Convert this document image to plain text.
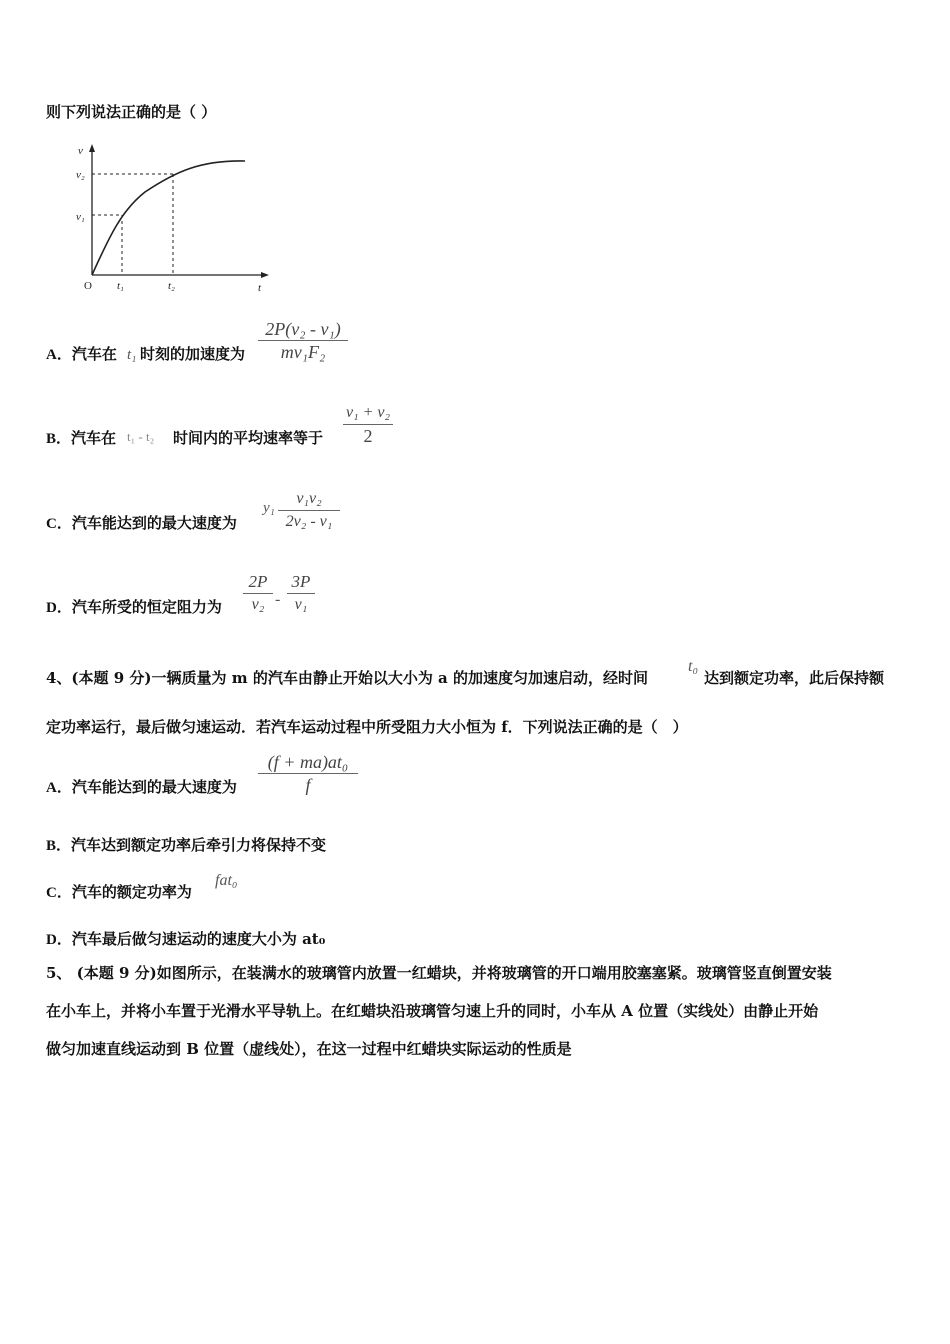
则下列说法正确的是（ ）
v
v₂
v₁
O t₁	t₂	t
A．汽车在 t₁ 时刻的加速度为
2P(v₂ - v₁)
mv₁F₂
B．汽车在 t₁ - t₂ 时间内的平均速率等于
v₁ + v₂
2
C．汽车能达到的最大速度为
y₁
v₁v₂
2v₂ - v₁
D．汽车所受的恒定阻力为
2P
v₂ -
3P
v₁
4、(本题 9 分)一辆质量为 m 的汽车由静止开始以大小为 a 的加速度匀加速启动，经时间
t₀
达到额定功率，此后保持额
定功率运行，最后做匀速运动．若汽车运动过程中所受阻力大小恒为 f．下列说法正确的是（　）
A．汽车能达到的最大速度为
(f + ma)at₀
f
B．汽车达到额定功率后牵引力将保持不变
C．汽车的额定功率为
fat₀
D．汽车最后做匀速运动的速度大小为 at₀
5、 (本题 9 分)如图所示，在装满水的玻璃管内放置一红蜡块，并将玻璃管的开口端用胶塞塞紧。玻璃管竖直倒置安装
在小车上，并将小车置于光滑水平导轨上。在红蜡块沿玻璃管匀速上升的同时，小车从 A 位置（实线处）由静止开始
做匀加速直线运动到 B 位置（虚线处），在这一过程中红蜡块实际运动的性质是
